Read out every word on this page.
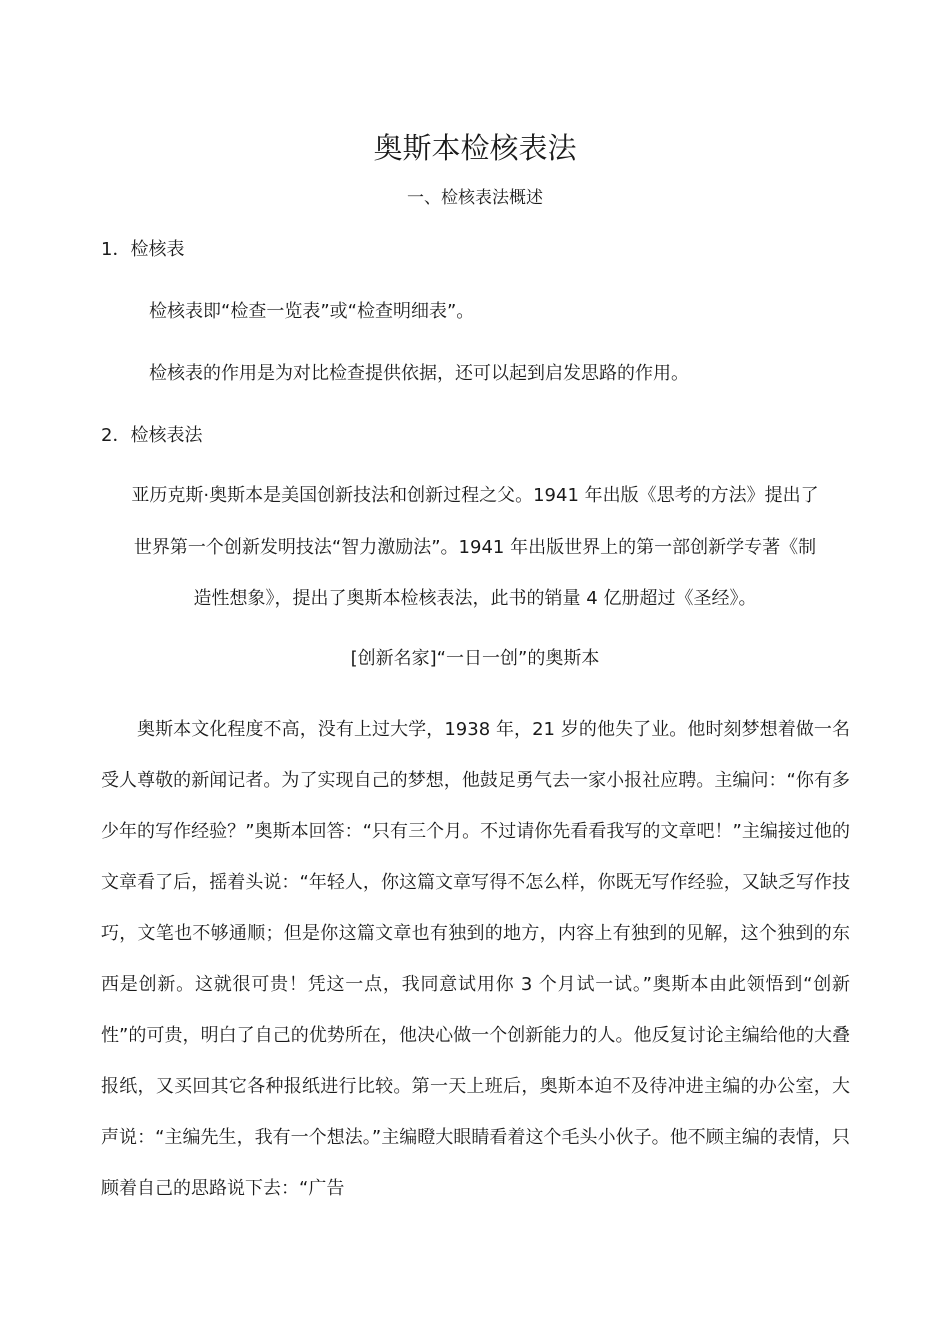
奥斯本检核表法
一、检核表法概述
1．检核表
检核表即“检查一览表”或“检查明细表”。
检核表的作用是为对比检查提供依据，还可以起到启发思路的作用。
2．检核表法
亚历克斯·奥斯本是美国创新技法和创新过程之父。1941 年出版《思考的方法》提出了
世界第一个创新发明技法“智力激励法”。1941 年出版世界上的第一部创新学专著《制
造性想象》，提出了奥斯本检核表法，此书的销量 4 亿册超过《圣经》。
[创新名家]“一日一创”的奥斯本

奥斯本文化程度不高，没有上过大学，1938 年，21 岁的他失了业。他时刻梦想着做一名受人尊敬的新闻记者。为了实现自己的梦想，他鼓足勇气去一家小报社应聘。主编问：“你有多少年的写作经验？”奥斯本回答：“只有三个月。不过请你先看看我写的文章吧！”主编接过他的文章看了后，摇着头说：“年轻人，你这篇文章写得不怎么样，你既无写作经验，又缺乏写作技巧，文笔也不够通顺；但是你这篇文章也有独到的地方，内容上有独到的见解，这个独到的东西是创新。这就很可贵！凭这一点，我同意试用你 3 个月试一试。”奥斯本由此领悟到“创新性”的可贵，明白了自己的优势所在，他决心做一个创新能力的人。他反复讨论主编给他的大叠报纸，又买回其它各种报纸进行比较。第一天上班后，奥斯本迫不及待冲进主编的办公室，大声说：“主编先生，我有一个想法。”主编瞪大眼睛看着这个毛头小伙子。他不顾主编的表情，只顾着自己的思路说下去：“广告
